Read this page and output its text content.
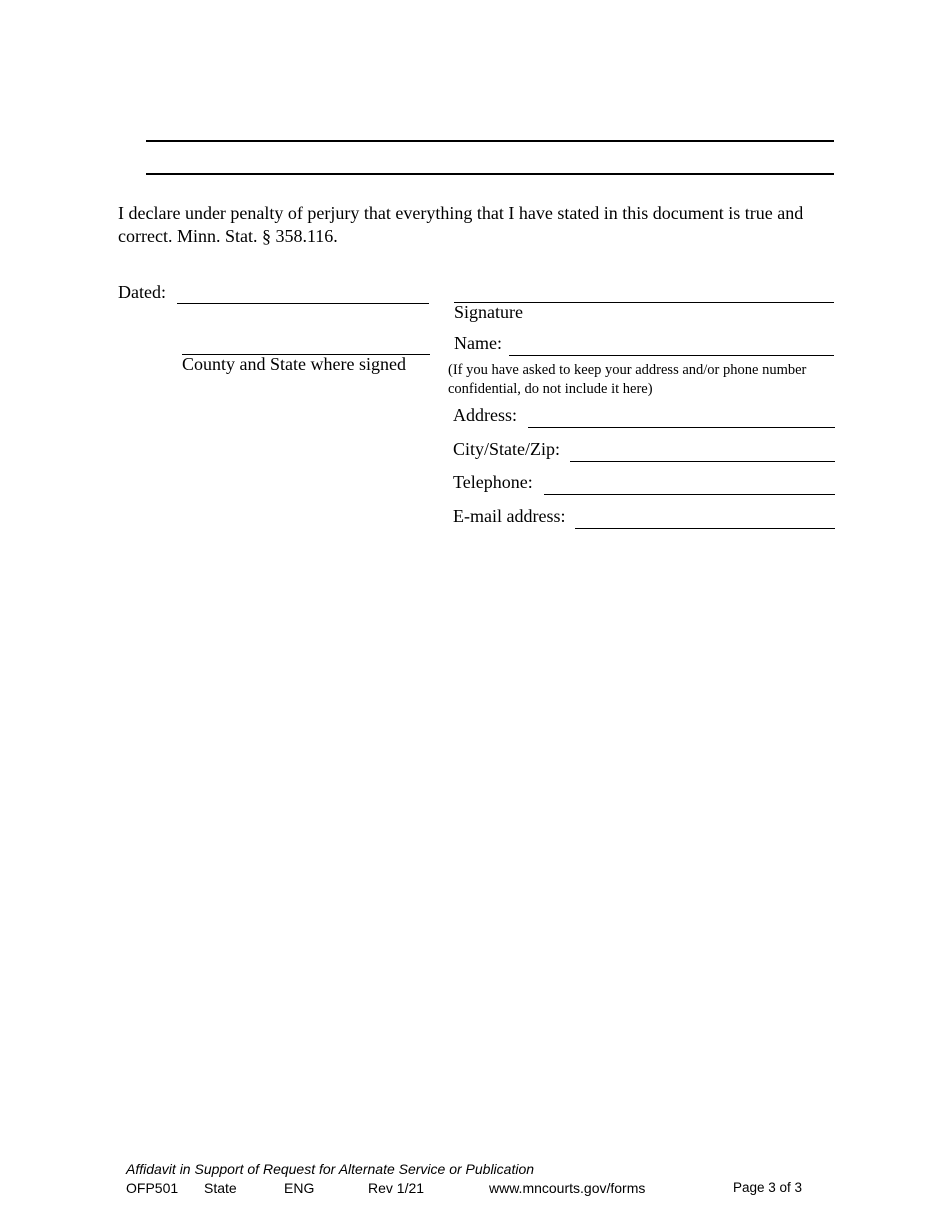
I declare under penalty of perjury that everything that I have stated in this document is true and
correct. Minn. Stat. § 358.116.
Dated:
County and State where signed
Signature
Name:
(If you have asked to keep your address and/or phone number
confidential, do not include it here)
Address:
City/State/Zip:
Telephone:
E-mail address:
Affidavit in Support of Request for Alternate Service or Publication
OFP501 State	ENG	Rev 1/21	www.mncourts.gov/forms	Page 3 of 3
